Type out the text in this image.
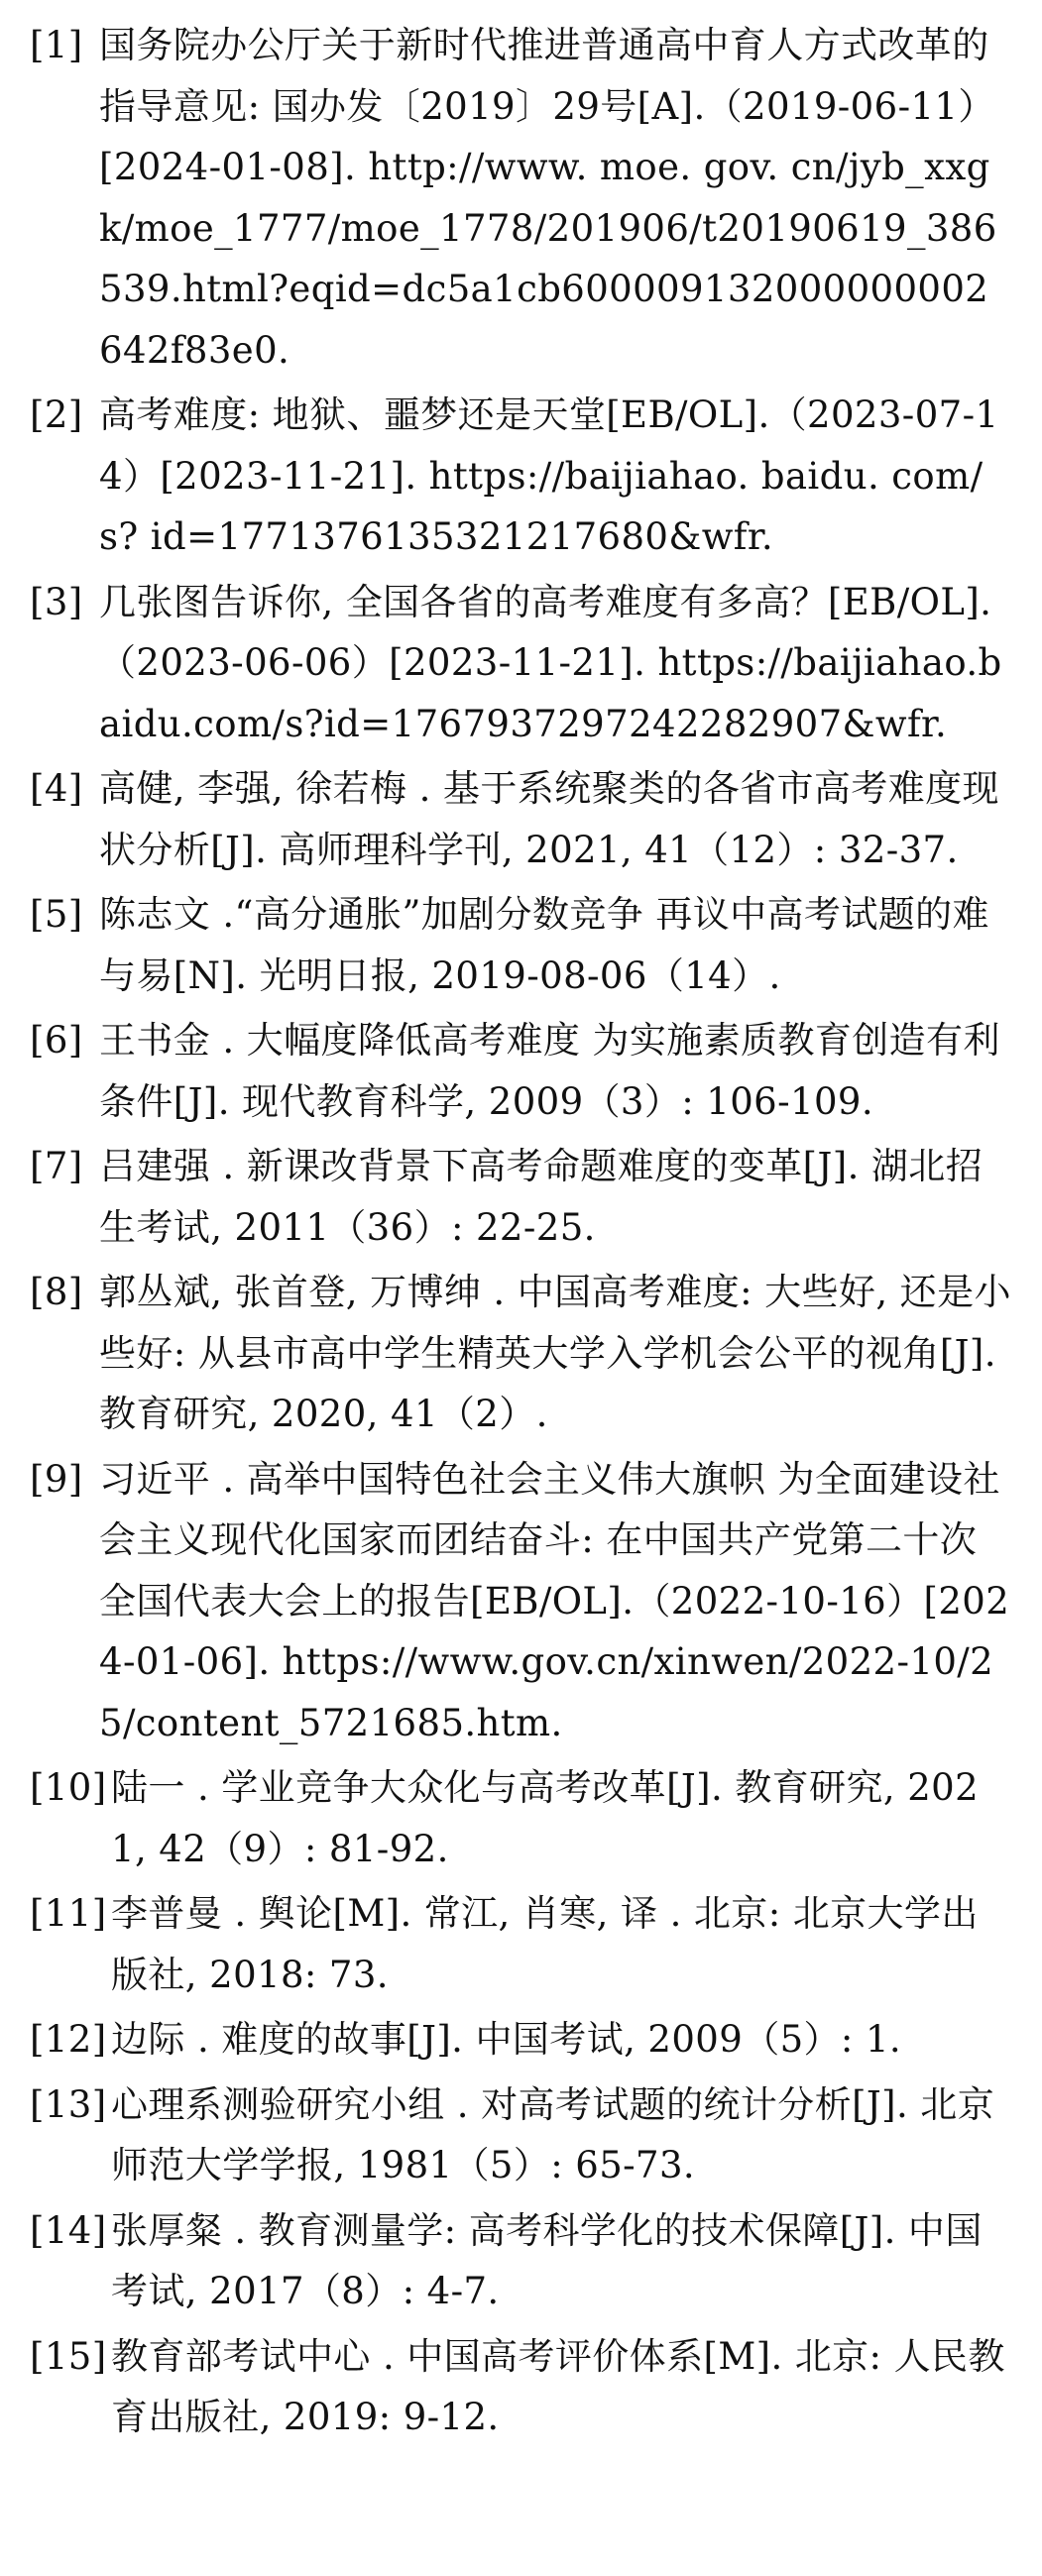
[1] 国务院办公厅关于新时代推进普通高中育人方式改革的指导意见: 国办发〔2019〕29号[A].（2019-06-11）[2024-01-08]. http://www. moe. gov. cn/jyb_xxgk/moe_1777/moe_1778/201906/t20190619_386539.html?eqid=dc5a1cb600009132000000002642f83e0.
[2] 高考难度: 地狱、噩梦还是天堂[EB/OL].（2023-07-14）[2023-11-21]. https://baijiahao. baidu. com/s? id=1771376135321217680&wfr.
[3] 几张图告诉你, 全国各省的高考难度有多高？[EB/OL].（2023-06-06）[2023-11-21]. https://baijiahao.baidu.com/s?id=1767937297242282907&wfr.
[4] 高健, 李强, 徐若梅 . 基于系统聚类的各省市高考难度现状分析[J]. 高师理科学刊, 2021, 41（12）: 32-37.
[5] 陈志文 .“高分通胀”加剧分数竞争 再议中高考试题的难与易[N]. 光明日报, 2019-08-06（14）.
[6] 王书金 . 大幅度降低高考难度 为实施素质教育创造有利条件[J]. 现代教育科学, 2009（3）: 106-109.
[7] 吕建强 . 新课改背景下高考命题难度的变革[J]. 湖北招生考试, 2011（36）: 22-25.
[8] 郭丛斌, 张首登, 万博绅 . 中国高考难度: 大些好, 还是小些好: 从县市高中学生精英大学入学机会公平的视角[J]. 教育研究, 2020, 41（2）.
[9] 习近平 . 高举中国特色社会主义伟大旗帜 为全面建设社会主义现代化国家而团结奋斗: 在中国共产党第二十次全国代表大会上的报告[EB/OL].（2022-10-16）[2024-01-06]. https://www.gov.cn/xinwen/2022-10/25/content_5721685.htm.
[10] 陆一 . 学业竞争大众化与高考改革[J]. 教育研究, 2021, 42（9）: 81-92.
[11] 李普曼 . 舆论[M]. 常江, 肖寒, 译 . 北京: 北京大学出版社, 2018: 73.
[12] 边际 . 难度的故事[J]. 中国考试, 2009（5）: 1.
[13] 心理系测验研究小组 . 对高考试题的统计分析[J]. 北京师范大学学报, 1981（5）: 65-73.
[14] 张厚粲 . 教育测量学: 高考科学化的技术保障[J]. 中国考试, 2017（8）: 4-7.
[15] 教育部考试中心 . 中国高考评价体系[M]. 北京: 人民教育出版社, 2019: 9-12.
